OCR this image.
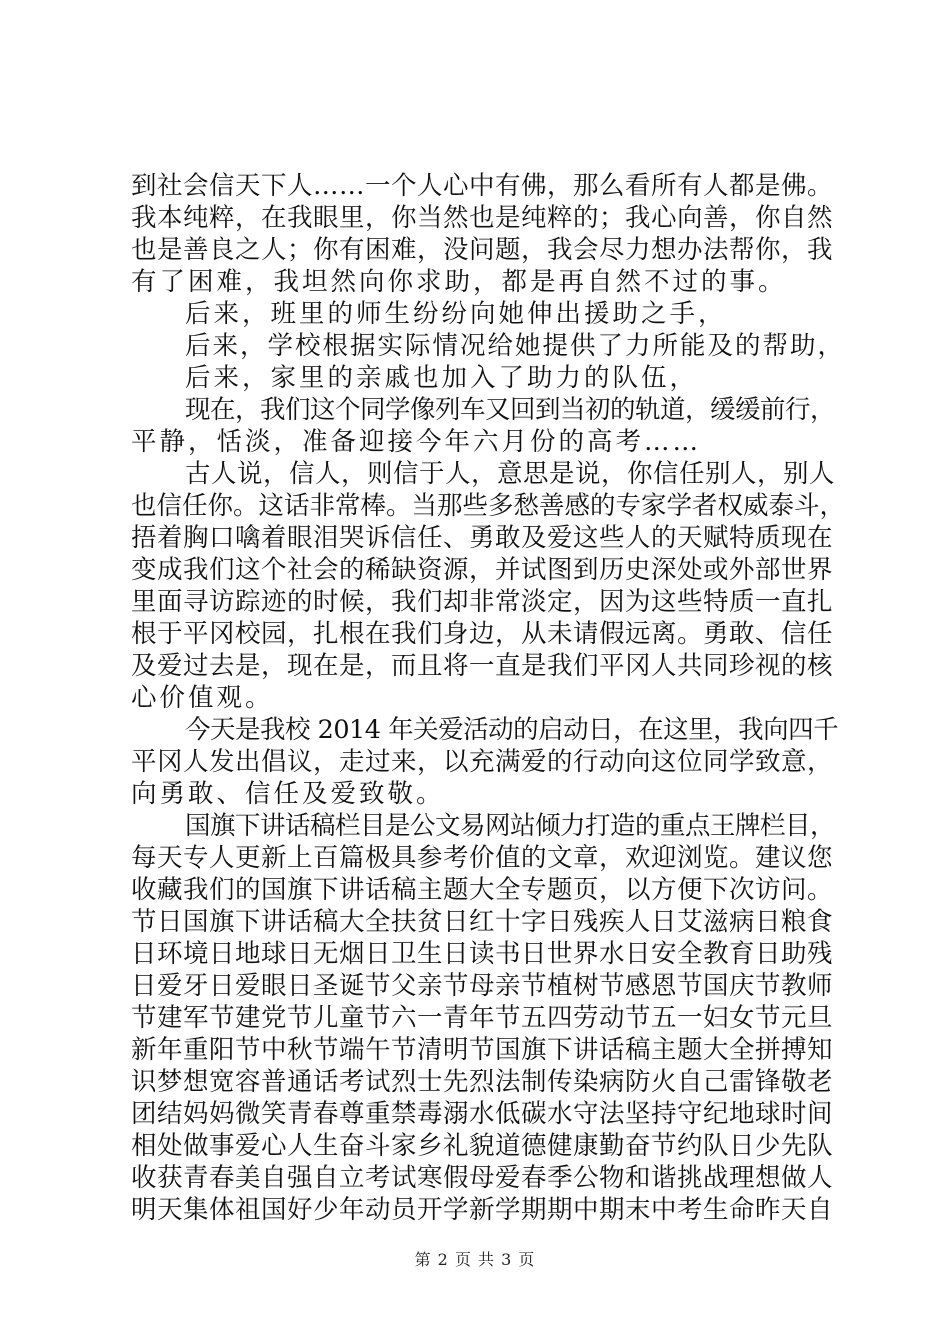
到社会信天下人……一个人心中有佛，那么看所有人都是佛。
我本纯粹，在我眼里，你当然也是纯粹的；我心向善，你自然
也是善良之人；你有困难，没问题，我会尽力想办法帮你，我
有了困难，我坦然向你求助，都是再自然不过的事。
后来，班里的师生纷纷向她伸出援助之手，
后来，学校根据实际情况给她提供了力所能及的帮助，
后来，家里的亲戚也加入了助力的队伍，
现在，我们这个同学像列车又回到当初的轨道，缓缓前行，
平静，恬淡，准备迎接今年六月份的高考……
古人说，信人，则信于人，意思是说，你信任别人，别人
也信任你。这话非常棒。当那些多愁善感的专家学者权威泰斗，
捂着胸口噙着眼泪哭诉信任、勇敢及爱这些人的天赋特质现在
变成我们这个社会的稀缺资源，并试图到历史深处或外部世界
里面寻访踪迹的时候，我们却非常淡定，因为这些特质一直扎
根于平冈校园，扎根在我们身边，从未请假远离。勇敢、信任
及爱过去是，现在是，而且将一直是我们平冈人共同珍视的核
心价值观。
今天是我校 2014 年关爱活动的启动日，在这里，我向四千
平冈人发出倡议，走过来，以充满爱的行动向这位同学致意，
向勇敢、信任及爱致敬。
国旗下讲话稿栏目是公文易网站倾力打造的重点王牌栏目，
每天专人更新上百篇极具参考价值的文章，欢迎浏览。建议您
收藏我们的国旗下讲话稿主题大全专题页，以方便下次访问。
节日国旗下讲话稿大全扶贫日红十字日残疾人日艾滋病日粮食
日环境日地球日无烟日卫生日读书日世界水日安全教育日助残
日爱牙日爱眼日圣诞节父亲节母亲节植树节感恩节国庆节教师
节建军节建党节儿童节六一青年节五四劳动节五一妇女节元旦
新年重阳节中秋节端午节清明节国旗下讲话稿主题大全拼搏知
识梦想宽容普通话考试烈士先烈法制传染病防火自己雷锋敬老
团结妈妈微笑青春尊重禁毒溺水低碳水守法坚持守纪地球时间
相处做事爱心人生奋斗家乡礼貌道德健康勤奋节约队日少先队
收获青春美自强自立考试寒假母爱春季公物和谐挑战理想做人
明天集体祖国好少年动员开学新学期期中期末中考生命昨天自
第 2 页 共 3 页
